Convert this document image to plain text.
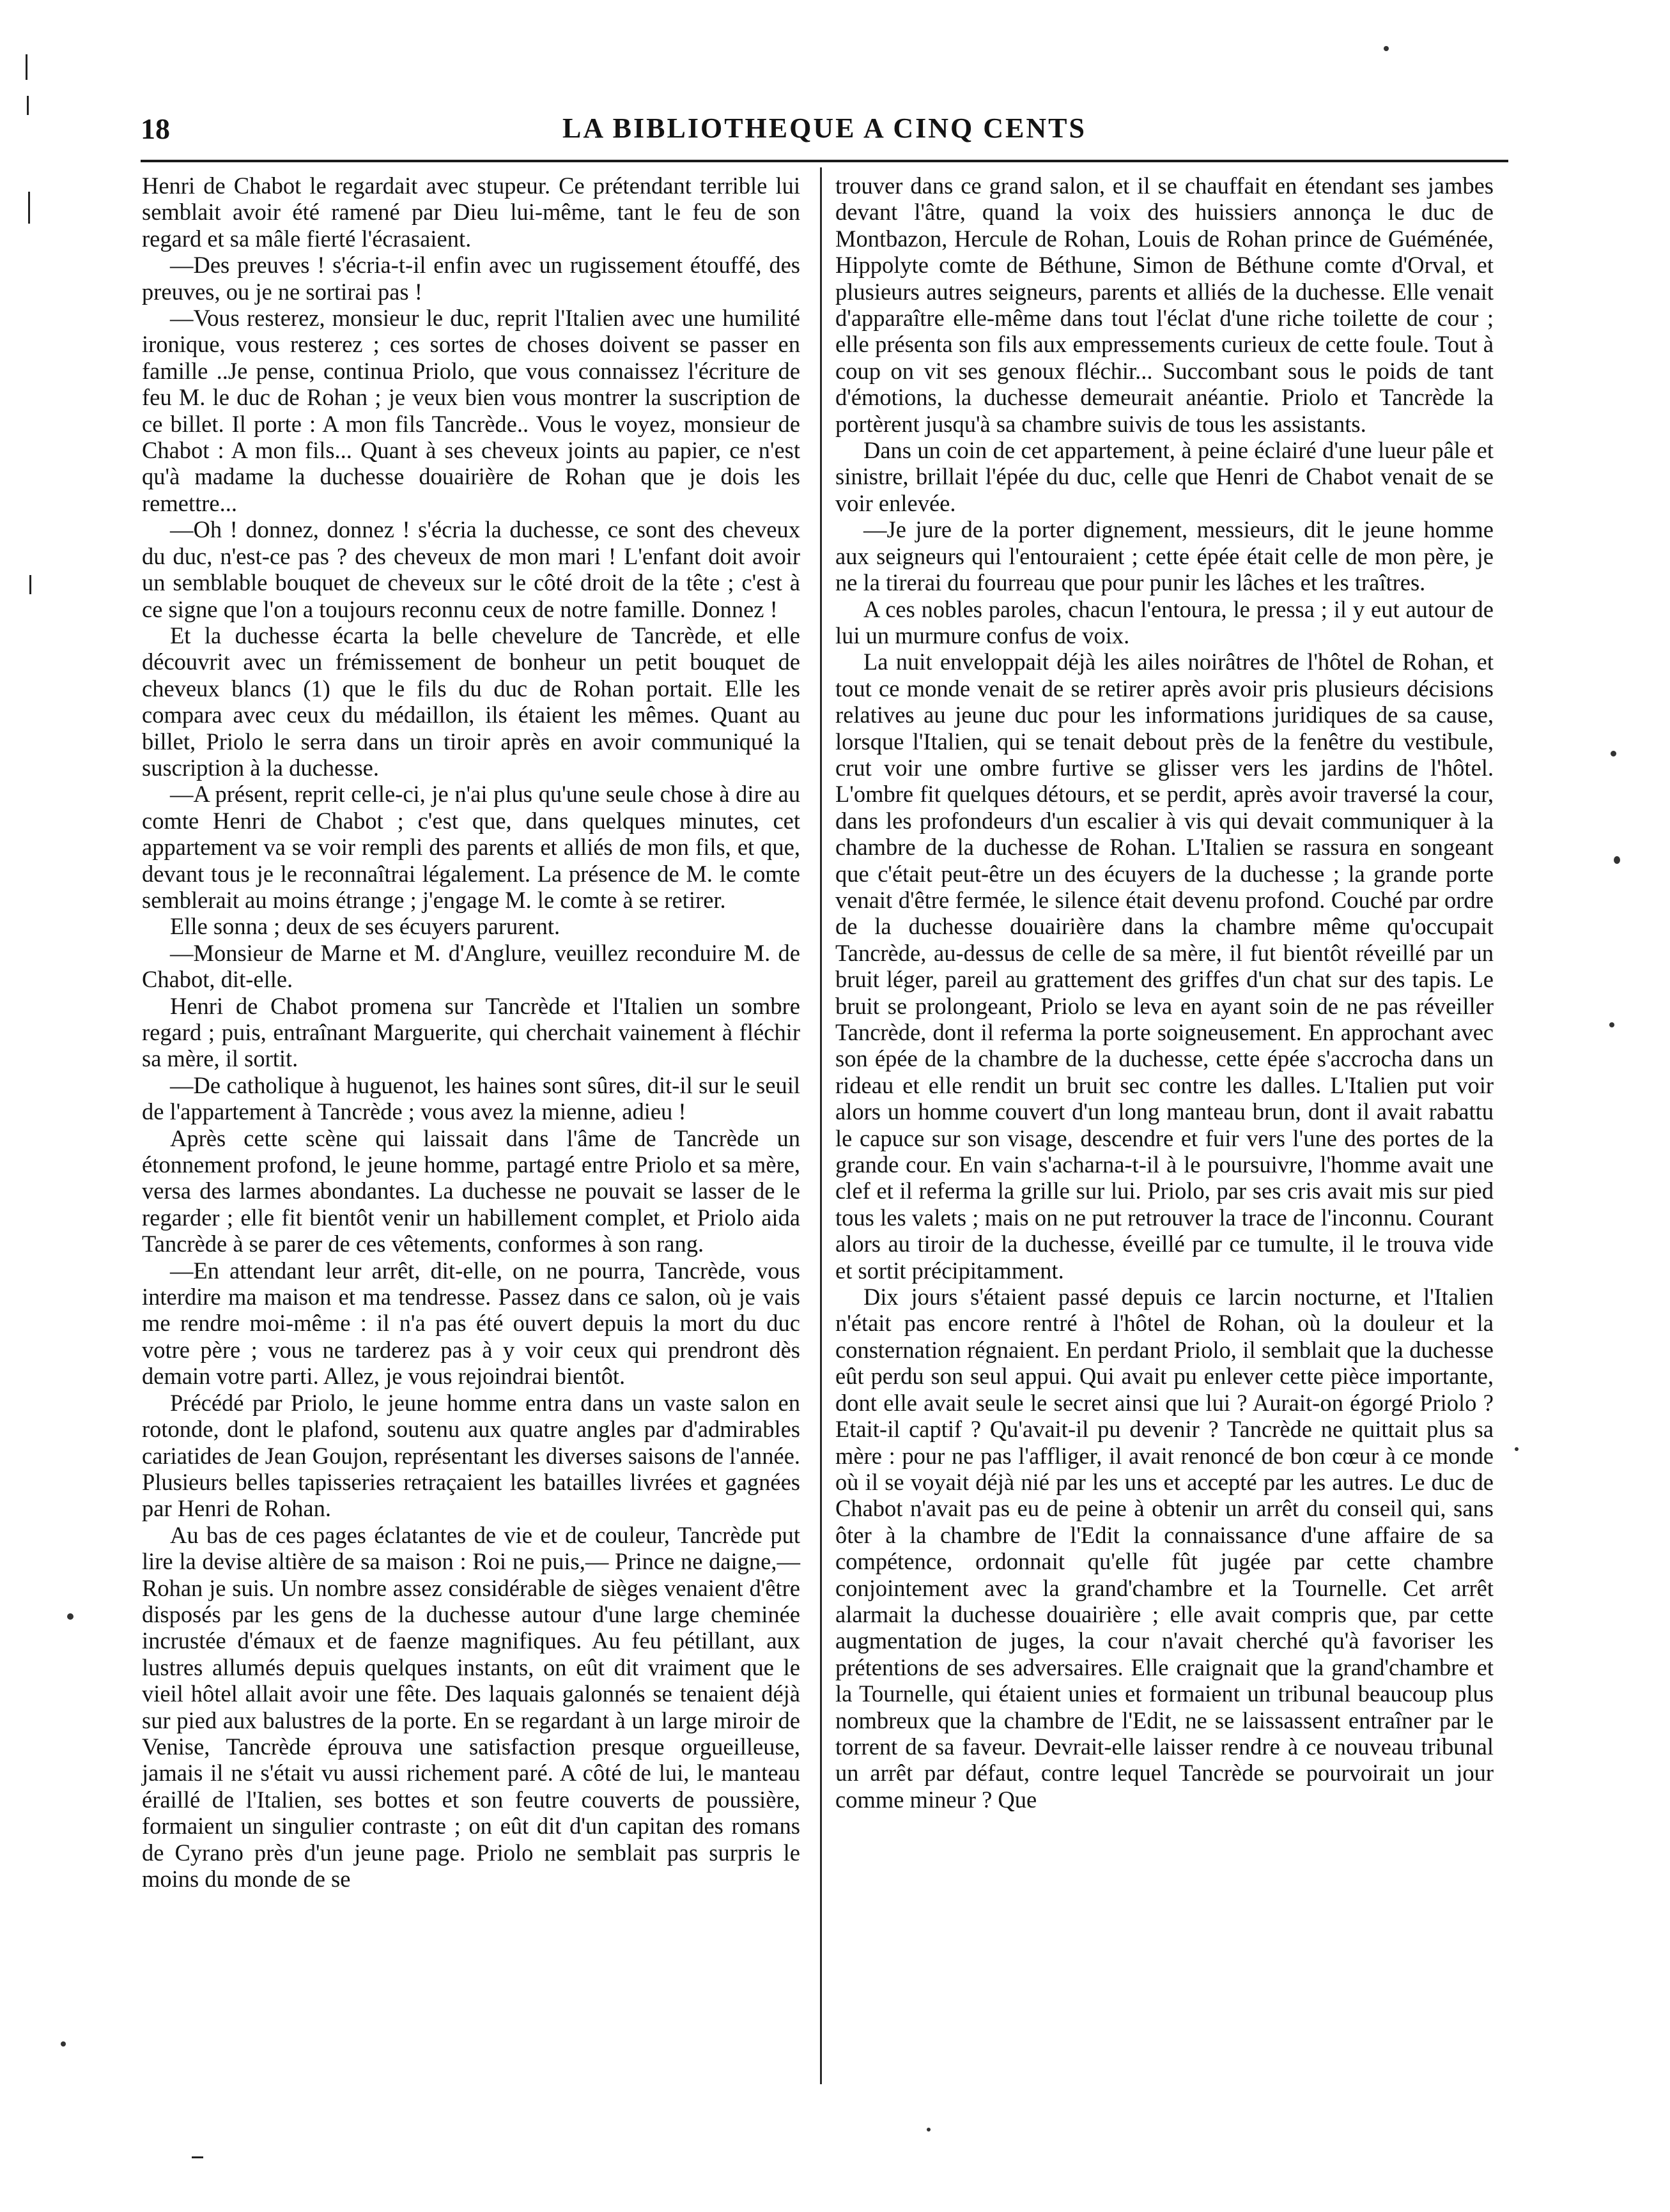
18	LA BIBLIOTHEQUE A CINQ CENTS

Henri de Chabot le regardait avec stupeur. Ce prétendant terrible lui semblait avoir été ramené par Dieu lui-même, tant le feu de son regard et sa mâle fierté l'écrasaient.

—Des preuves ! s'écria-t-il enfin avec un rugissement étouffé, des preuves, ou je ne sortirai pas !

—Vous resterez, monsieur le duc, reprit l'Italien avec une humilité ironique, vous resterez ; ces sortes de choses doivent se passer en famille ..Je pense, continua Priolo, que vous connaissez l'écriture de feu M. le duc de Rohan ; je veux bien vous montrer la suscription de ce billet. Il porte : A mon fils Tancrède.. Vous le voyez, monsieur de Chabot : A mon fils... Quant à ses cheveux joints au papier, ce n'est qu'à madame la duchesse douairière de Rohan que je dois les remettre...

—Oh ! donnez, donnez ! s'écria la duchesse, ce sont des cheveux du duc, n'est-ce pas ? des cheveux de mon mari ! L'enfant doit avoir un semblable bouquet de cheveux sur le côté droit de la tête ; c'est à ce signe que l'on a toujours reconnu ceux de notre famille. Donnez !

Et la duchesse écarta la belle chevelure de Tancrède, et elle découvrit avec un frémissement de bonheur un petit bouquet de cheveux blancs (1) que le fils du duc de Rohan portait. Elle les compara avec ceux du médaillon, ils étaient les mêmes. Quant au billet, Priolo le serra dans un tiroir après en avoir communiqué la suscription à la duchesse.

—A présent, reprit celle-ci, je n'ai plus qu'une seule chose à dire au comte Henri de Chabot ; c'est que, dans quelques minutes, cet appartement va se voir rempli des parents et alliés de mon fils, et que, devant tous je le reconnaîtrai légalement. La présence de M. le comte semblerait au moins étrange ; j'engage M. le comte à se retirer.

Elle sonna ; deux de ses écuyers parurent.

—Monsieur de Marne et M. d'Anglure, veuillez reconduire M. de Chabot, dit-elle.

Henri de Chabot promena sur Tancrède et l'Italien un sombre regard ; puis, entraînant Marguerite, qui cherchait vainement à fléchir sa mère, il sortit.

—De catholique à huguenot, les haines sont sûres, dit-il sur le seuil de l'appartement à Tancrède ; vous avez la mienne, adieu !

Après cette scène qui laissait dans l'âme de Tancrède un étonnement profond, le jeune homme, partagé entre Priolo et sa mère, versa des larmes abondantes. La duchesse ne pouvait se lasser de le regarder ; elle fit bientôt venir un habillement complet, et Priolo aida Tancrède à se parer de ces vêtements, conformes à son rang.

—En attendant leur arrêt, dit-elle, on ne pourra, Tancrède, vous interdire ma maison et ma tendresse. Passez dans ce salon, où je vais me rendre moi-même : il n'a pas été ouvert depuis la mort du duc votre père ; vous ne tarderez pas à y voir ceux qui prendront dès demain votre parti. Allez, je vous rejoindrai bientôt.

Précédé par Priolo, le jeune homme entra dans un vaste salon en rotonde, dont le plafond, soutenu aux quatre angles par d'admirables cariatides de Jean Goujon, représentant les diverses saisons de l'année. Plusieurs belles tapisseries retraçaient les batailles livrées et gagnées par Henri de Rohan.

Au bas de ces pages éclatantes de vie et de couleur, Tancrède put lire la devise altière de sa maison : Roi ne puis,— Prince ne daigne,—Rohan je suis. Un nombre assez considérable de sièges venaient d'être disposés par les gens de la duchesse autour d'une large cheminée incrustée d'émaux et de faenze magnifiques. Au feu pétillant, aux lustres allumés depuis quelques instants, on eût dit vraiment que le vieil hôtel allait avoir une fête. Des laquais galonnés se tenaient déjà sur pied aux balustres de la porte. En se regardant à un large miroir de Venise, Tancrède éprouva une satisfaction presque orgueilleuse, jamais il ne s'était vu aussi richement paré. A côté de lui, le manteau éraillé de l'Italien, ses bottes et son feutre couverts de poussière, formaient un singulier contraste ; on eût dit d'un capitan des romans de Cyrano près d'un jeune page. Priolo ne semblait pas surpris le moins du monde de se

trouver dans ce grand salon, et il se chauffait en étendant ses jambes devant l'âtre, quand la voix des huissiers annonça le duc de Montbazon, Hercule de Rohan, Louis de Rohan prince de Guéménée, Hippolyte comte de Béthune, Simon de Béthune comte d'Orval, et plusieurs autres seigneurs, parents et alliés de la duchesse. Elle venait d'apparaître elle-même dans tout l'éclat d'une riche toilette de cour ; elle présenta son fils aux empressements curieux de cette foule. Tout à coup on vit ses genoux fléchir... Succombant sous le poids de tant d'émotions, la duchesse demeurait anéantie. Priolo et Tancrède la portèrent jusqu'à sa chambre suivis de tous les assistants.

Dans un coin de cet appartement, à peine éclairé d'une lueur pâle et sinistre, brillait l'épée du duc, celle que Henri de Chabot venait de se voir enlevée.

—Je jure de la porter dignement, messieurs, dit le jeune homme aux seigneurs qui l'entouraient ; cette épée était celle de mon père, je ne la tirerai du fourreau que pour punir les lâches et les traîtres.

A ces nobles paroles, chacun l'entoura, le pressa ; il y eut autour de lui un murmure confus de voix.

La nuit enveloppait déjà les ailes noirâtres de l'hôtel de Rohan, et tout ce monde venait de se retirer après avoir pris plusieurs décisions relatives au jeune duc pour les informations juridiques de sa cause, lorsque l'Italien, qui se tenait debout près de la fenêtre du vestibule, crut voir une ombre furtive se glisser vers les jardins de l'hôtel. L'ombre fit quelques détours, et se perdit, après avoir traversé la cour, dans les profondeurs d'un escalier à vis qui devait communiquer à la chambre de la duchesse de Rohan. L'Italien se rassura en songeant que c'était peut-être un des écuyers de la duchesse ; la grande porte venait d'être fermée, le silence était devenu profond. Couché par ordre de la duchesse douairière dans la chambre même qu'occupait Tancrède, au-dessus de celle de sa mère, il fut bientôt réveillé par un bruit léger, pareil au grattement des griffes d'un chat sur des tapis. Le bruit se prolongeant, Priolo se leva en ayant soin de ne pas réveiller Tancrède, dont il referma la porte soigneusement. En approchant avec son épée de la chambre de la duchesse, cette épée s'accrocha dans un rideau et elle rendit un bruit sec contre les dalles. L'Italien put voir alors un homme couvert d'un long manteau brun, dont il avait rabattu le capuce sur son visage, descendre et fuir vers l'une des portes de la grande cour. En vain s'acharna-t-il à le poursuivre, l'homme avait une clef et il referma la grille sur lui. Priolo, par ses cris avait mis sur pied tous les valets ; mais on ne put retrouver la trace de l'inconnu. Courant alors au tiroir de la duchesse, éveillé par ce tumulte, il le trouva vide et sortit précipitamment.

Dix jours s'étaient passé depuis ce larcin nocturne, et l'Italien n'était pas encore rentré à l'hôtel de Rohan, où la douleur et la consternation régnaient. En perdant Priolo, il semblait que la duchesse eût perdu son seul appui. Qui avait pu enlever cette pièce importante, dont elle avait seule le secret ainsi que lui ? Aurait-on égorgé Priolo ? Etait-il captif ? Qu'avait-il pu devenir ? Tancrède ne quittait plus sa mère : pour ne pas l'affliger, il avait renoncé de bon cœur à ce monde où il se voyait déjà nié par les uns et accepté par les autres. Le duc de Chabot n'avait pas eu de peine à obtenir un arrêt du conseil qui, sans ôter à la chambre de l'Edit la connaissance d'une affaire de sa compétence, ordonnait qu'elle fût jugée par cette chambre conjointement avec la grand'chambre et la Tournelle. Cet arrêt alarmait la duchesse douairière ; elle avait compris que, par cette augmentation de juges, la cour n'avait cherché qu'à favoriser les prétentions de ses adversaires. Elle craignait que la grand'chambre et la Tournelle, qui étaient unies et formaient un tribunal beaucoup plus nombreux que la chambre de l'Edit, ne se laissassent entraîner par le torrent de sa faveur. Devrait-elle laisser rendre à ce nouveau tribunal un arrêt par défaut, contre lequel Tancrède se pourvoirait un jour comme mineur ? Que
